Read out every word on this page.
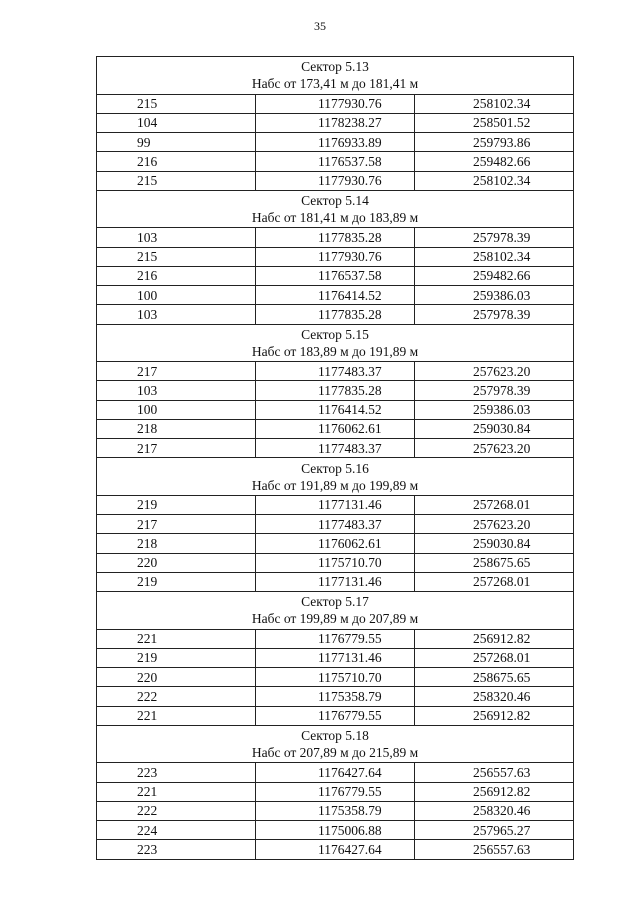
35
Сектор 5.13
Набс от 173,41 м до 181,41 м		

215	1177930.76	258102.34
104	1178238.27	258501.52
99	1176933.89	259793.86
216	1176537.58	259482.66
215	1177930.76	258102.34

Сектор 5.14
Набс от 181,41 м до 183,89 м		

103	1177835.28	257978.39
215	1177930.76	258102.34
216	1176537.58	259482.66
100	1176414.52	259386.03
103	1177835.28	257978.39

Сектор 5.15
Набс от 183,89 м до 191,89 м		

217	1177483.37	257623.20
103	1177835.28	257978.39
100	1176414.52	259386.03
218	1176062.61	259030.84
217	1177483.37	257623.20

Сектор 5.16
Набс от 191,89 м до 199,89 м		

219	1177131.46	257268.01
217	1177483.37	257623.20
218	1176062.61	259030.84
220	1175710.70	258675.65
219	1177131.46	257268.01

Сектор 5.17
Набс от 199,89 м до 207,89 м		

221	1176779.55	256912.82
219	1177131.46	257268.01
220	1175710.70	258675.65
222	1175358.79	258320.46
221	1176779.55	256912.82

Сектор 5.18
Набс от 207,89 м до 215,89 м		

223	1176427.64	256557.63
221	1176779.55	256912.82
222	1175358.79	258320.46
224	1175006.88	257965.27
223	1176427.64	256557.63
